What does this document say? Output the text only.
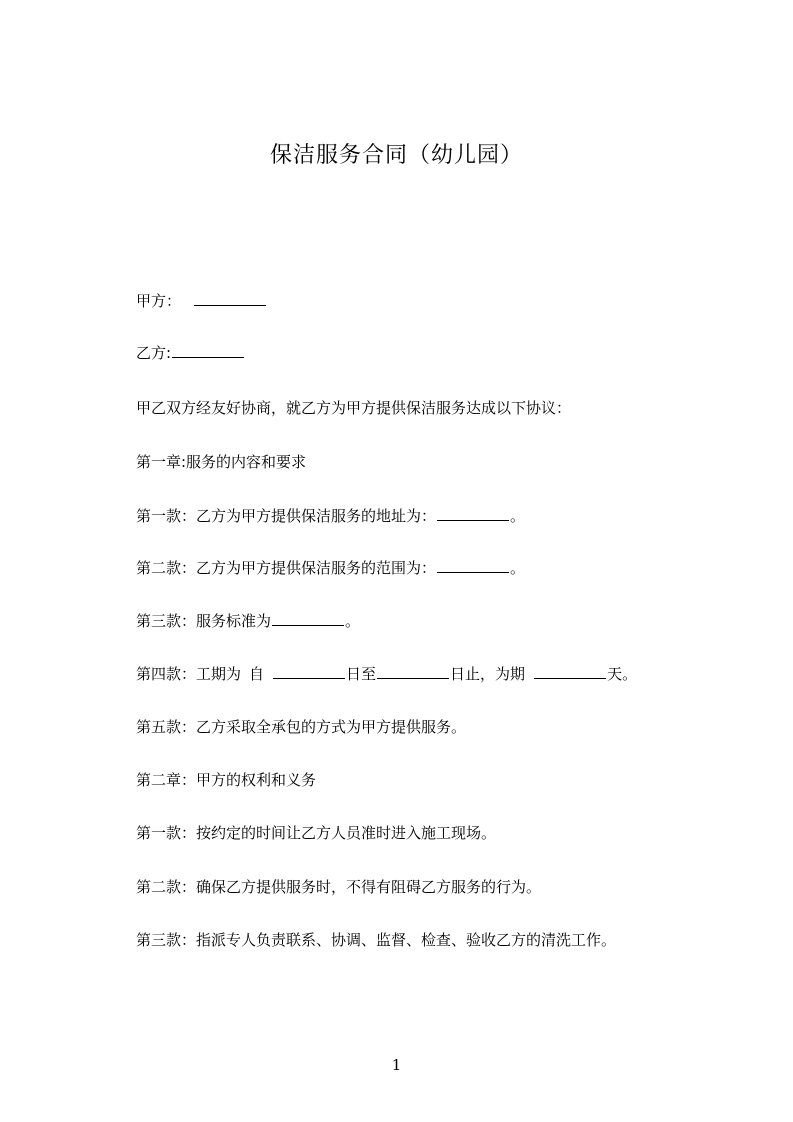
保洁服务合同（幼儿园）
甲方：
乙方:
甲乙双方经友好协商，就乙方为甲方提供保洁服务达成以下协议：
第一章:服务的内容和要求
第一款：乙方为甲方提供保洁服务的地址为：	。
第二款：乙方为甲方提供保洁服务的范围为：	。
第三款：服务标准为	。
第四款：工期为 自	日至	日止，为期	天。
第五款：乙方采取全承包的方式为甲方提供服务。
第二章：甲方的权利和义务
第一款：按约定的时间让乙方人员准时进入施工现场。
第二款：确保乙方提供服务时，不得有阻碍乙方服务的行为。
第三款：指派专人负责联系、协调、监督、检查、验收乙方的清洗工作。
1
